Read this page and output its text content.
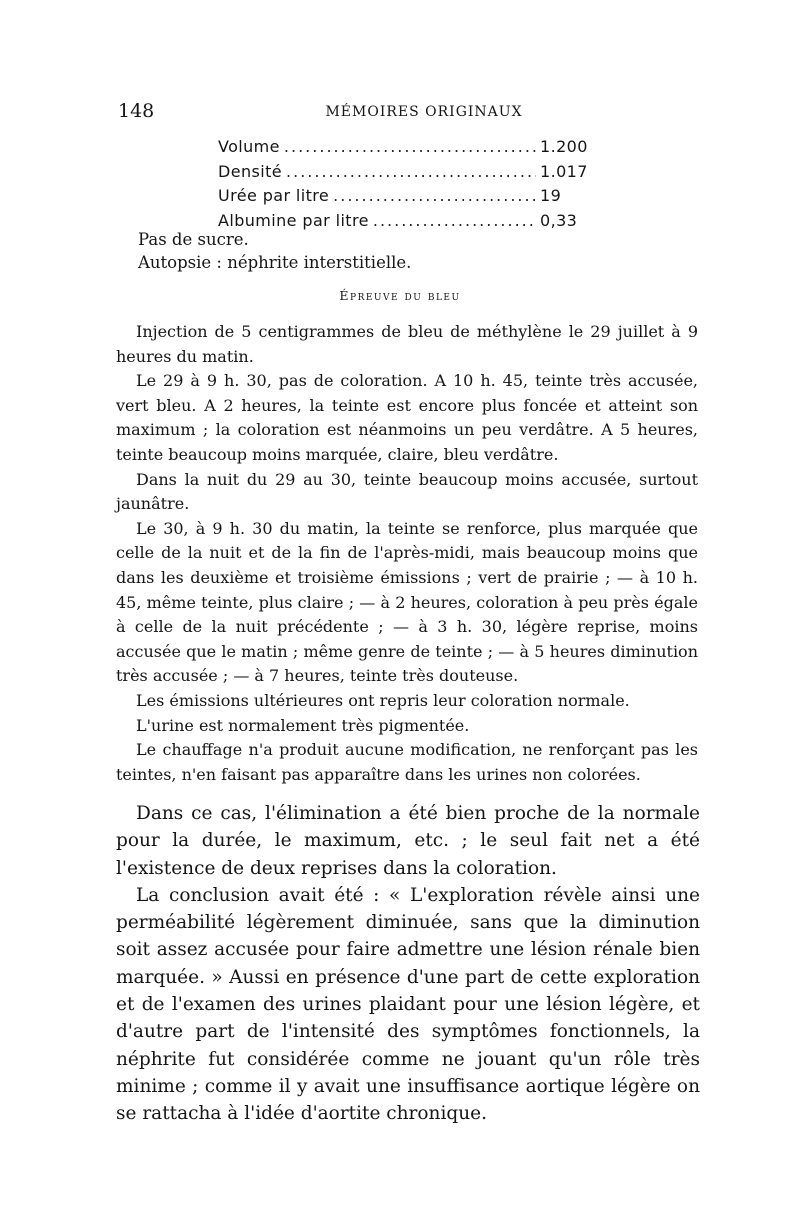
148	MÉMOIRES ORIGINAUX
Volume .....	1.200
Densité .....	1.017
Urée par litre .....	19
Albumine par litre .....	0,33
Pas de sucre.
Autopsie : néphrite interstitielle.
Épreuve du bleu

Injection de 5 centigrammes de bleu de méthylène le 29 juillet à 9 heures du matin.

Le 29 à 9 h. 30, pas de coloration. A 10 h. 45, teinte très accusée, vert bleu. A 2 heures, la teinte est encore plus foncée et atteint son maximum ; la coloration est néanmoins un peu verdâtre. A 5 heures, teinte beaucoup moins marquée, claire, bleu verdâtre.

Dans la nuit du 29 au 30, teinte beaucoup moins accusée, surtout jaunâtre.

Le 30, à 9 h. 30 du matin, la teinte se renforce, plus marquée que celle de la nuit et de la fin de l'après-midi, mais beaucoup moins que dans les deuxième et troisième émissions ; vert de prairie ; — à 10 h. 45, même teinte, plus claire ; — à 2 heures, coloration à peu près égale à celle de la nuit précédente ; — à 3 h. 30, légère reprise, moins accusée que le matin ; même genre de teinte ; — à 5 heures diminution très accusée ; — à 7 heures, teinte très douteuse.

Les émissions ultérieures ont repris leur coloration normale.

L'urine est normalement très pigmentée.

Le chauffage n'a produit aucune modification, ne renforçant pas les teintes, n'en faisant pas apparaître dans les urines non colorées.

Dans ce cas, l'élimination a été bien proche de la normale pour la durée, le maximum, etc. ; le seul fait net a été l'existence de deux reprises dans la coloration.

La conclusion avait été : « L'exploration révèle ainsi une perméabilité légèrement diminuée, sans que la diminution soit assez accusée pour faire admettre une lésion rénale bien marquée. » Aussi en présence d'une part de cette exploration et de l'examen des urines plaidant pour une lésion légère, et d'autre part de l'intensité des symptômes fonctionnels, la néphrite fut considérée comme ne jouant qu'un rôle très minime ; comme il y avait une insuffisance aortique légère on se rattacha à l'idée d'aortite chronique.
